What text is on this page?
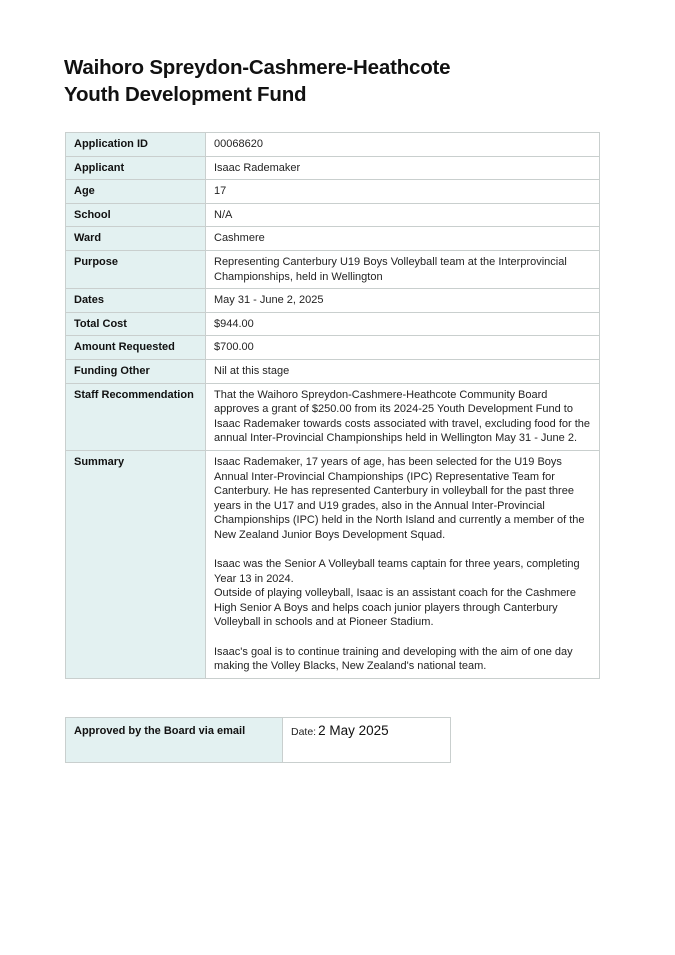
Waihoro Spreydon-Cashmere-Heathcote
Youth Development Fund
Application ID	00068620
Applicant	Isaac Rademaker
Age	17
School	N/A
Ward	Cashmere
Purpose	Representing Canterbury U19 Boys Volleyball team at the Interprovincial Championships, held in Wellington
Dates	May 31 - June 2, 2025
Total Cost	$944.00
Amount Requested	$700.00
Funding Other	Nil at this stage
Staff Recommendation	That the Waihoro Spreydon-Cashmere-Heathcote Community Board approves a grant of $250.00 from its 2024-25 Youth Development Fund to Isaac Rademaker towards costs associated with travel, excluding food for the annual Inter-Provincial Championships held in Wellington May 31 - June 2.
Summary	Isaac Rademaker, 17 years of age, has been selected for the U19 Boys Annual Inter-Provincial Championships (IPC) Representative Team for Canterbury. He has represented Canterbury in volleyball for the past three years in the U17 and U19 grades, also in the Annual Inter-Provincial Championships (IPC) held in the North Island and currently a member of the New Zealand Junior Boys Development Squad.

Isaac was the Senior A Volleyball teams captain for three years, completing Year 13 in 2024.

Outside of playing volleyball, Isaac is an assistant coach for the Cashmere High Senior A Boys and helps coach junior players through Canterbury Volleyball in schools and at Pioneer Stadium.

Isaac's goal is to continue training and developing with the aim of one day making the Volley Blacks, New Zealand's national team.

Approved by the Board via email	Date: 2 May 2025
